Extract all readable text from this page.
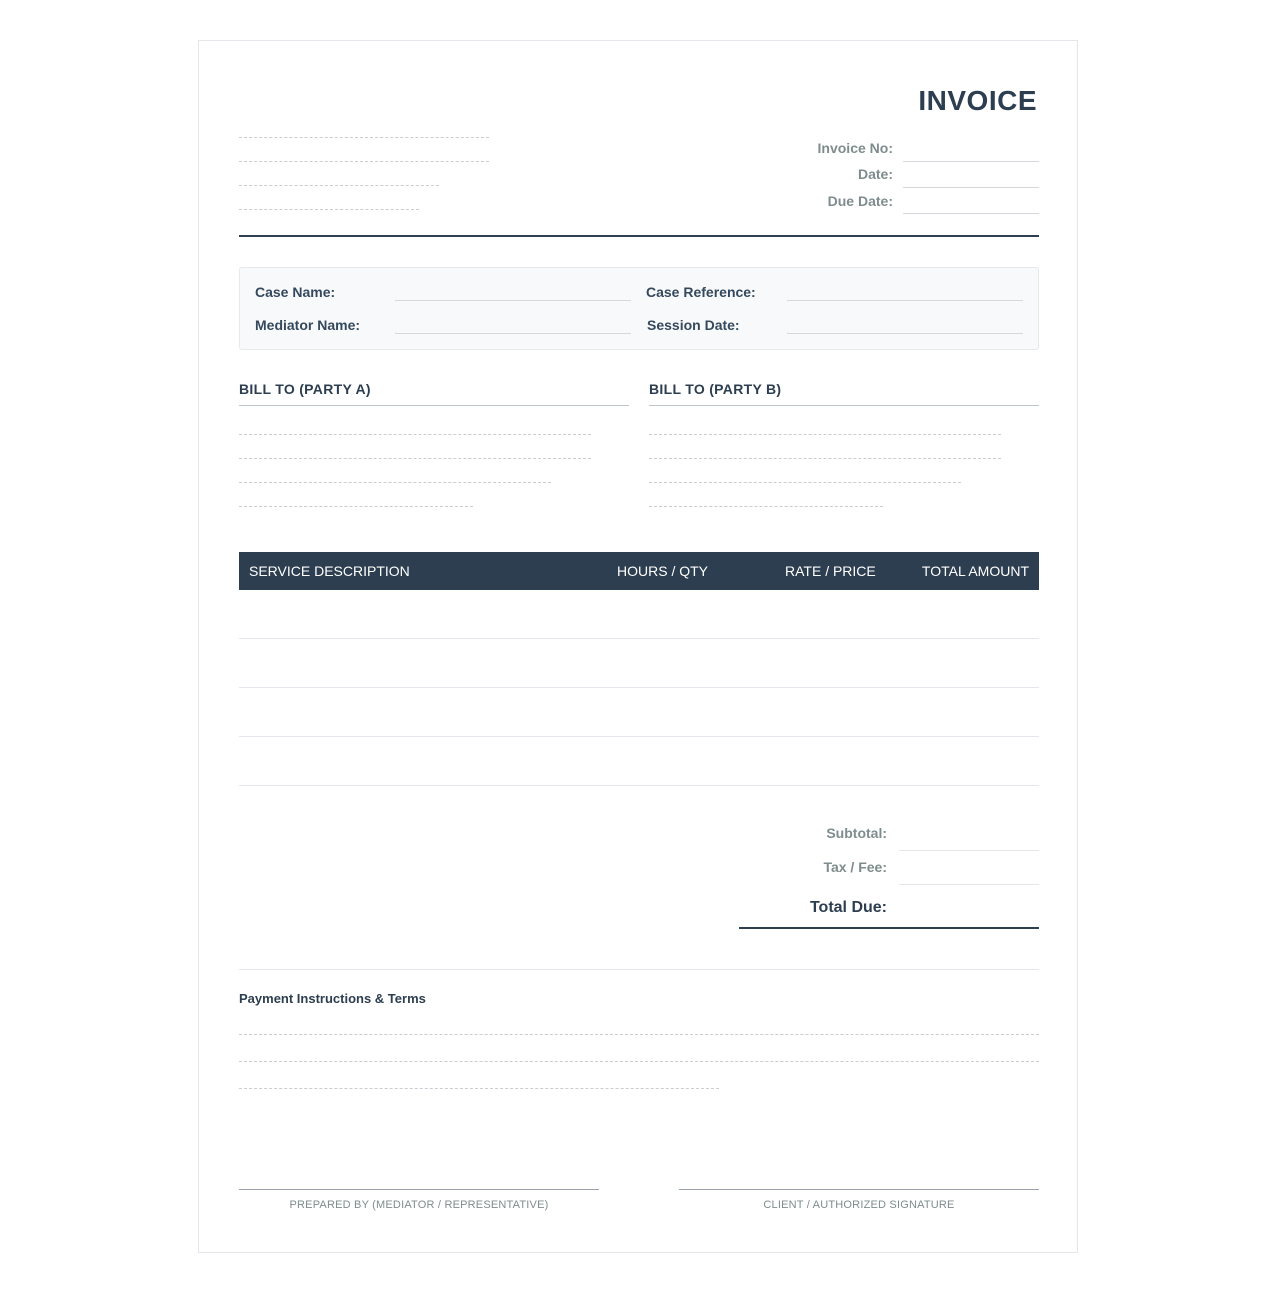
INVOICE
Invoice No:
Date:
Due Date:
Case Name:	Case Reference:
Mediator Name:	Session Date:
BILL TO (PARTY A)	BILL TO (PARTY B)
SERVICE DESCRIPTION	HOURS / QTY	RATE / PRICE	TOTAL AMOUNT
Subtotal:
Tax / Fee:
Total Due:
Payment Instructions & Terms
PREPARED BY (MEDIATOR / REPRESENTATIVE)	CLIENT / AUTHORIZED SIGNATURE
